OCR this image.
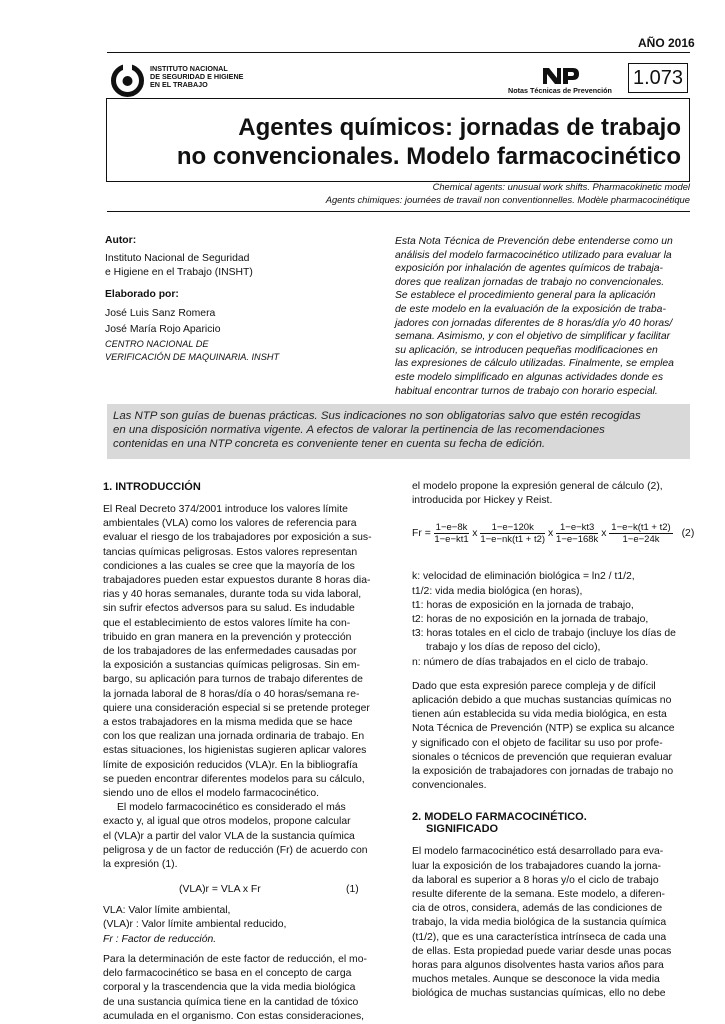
AÑO 2016
INSTITUTO NACIONAL
DE SEGURIDAD E HIGIENE
EN EL TRABAJO
Notas Técnicas de Prevención
1.073
Agentes químicos: jornadas de trabajo
no convencionales. Modelo farmacocinético
Chemical agents: unusual work shifts. Pharmacokinetic model
Agents chimiques: journées de travail non conventionnelles. Modèle pharmacocinétique
Autor:
Instituto Nacional de Seguridad
e Higiene en el Trabajo (INSHT)
Elaborado por:
José Luis Sanz Romera
José María Rojo Aparicio
CENTRO NACIONAL DE
VERIFICACIÓN DE MAQUINARIA. INSHT
Esta Nota Técnica de Prevención debe entenderse como un
análisis del modelo farmacocinético utilizado para evaluar la
exposición por inhalación de agentes químicos de trabaja-
dores que realizan jornadas de trabajo no convencionales.
Se establece el procedimiento general para la aplicación
de este modelo en la evaluación de la exposición de traba-
jadores con jornadas diferentes de 8 horas/día y/o 40 horas/
semana. Asimismo, y con el objetivo de simplificar y facilitar
su aplicación, se introducen pequeñas modificaciones en
las expresiones de cálculo utilizadas. Finalmente, se emplea
este modelo simplificado en algunas actividades donde es
habitual encontrar turnos de trabajo con horario especial.
Las NTP son guías de buenas prácticas. Sus indicaciones no son obligatorias salvo que estén recogidas
en una disposición normativa vigente. A efectos de valorar la pertinencia de las recomendaciones
contenidas en una NTP concreta es conveniente tener en cuenta su fecha de edición.
1. INTRODUCCIÓN
El Real Decreto 374/2001 introduce los valores límite
ambientales (VLA) como los valores de referencia para
evaluar el riesgo de los trabajadores por exposición a sus-
tancias químicas peligrosas. Estos valores representan
condiciones a las cuales se cree que la mayoría de los
trabajadores pueden estar expuestos durante 8 horas dia-
rias y 40 horas semanales, durante toda su vida laboral,
sin sufrir efectos adversos para su salud. Es indudable
que el establecimiento de estos valores límite ha con-
tribuido en gran manera en la prevención y protección
de los trabajadores de las enfermedades causadas por
la exposición a sustancias químicas peligrosas. Sin em-
bargo, su aplicación para turnos de trabajo diferentes de
la jornada laboral de 8 horas/día o 40 horas/semana re-
quiere una consideración especial si se pretende proteger
a estos trabajadores en la misma medida que se hace
con los que realizan una jornada ordinaria de trabajo. En
estas situaciones, los higienistas sugieren aplicar valores
límite de exposición reducidos (VLA)r. En la bibliografía
se pueden encontrar diferentes modelos para su cálculo,
siendo uno de ellos el modelo farmacocinético.
El modelo farmacocinético es considerado el más
exacto y, al igual que otros modelos, propone calcular
el (VLA)r a partir del valor VLA de la sustancia química
peligrosa y de un factor de reducción (Fr) de acuerdo con
la expresión (1).
(VLA)r = VLA x Fr	(1)
VLA: Valor límite ambiental,
(VLA)r : Valor límite ambiental reducido,
Fr : Factor de reducción.
Para la determinación de este factor de reducción, el mo-
delo farmacocinético se basa en el concepto de carga
corporal y la trascendencia que la vida media biológica
de una sustancia química tiene en la cantidad de tóxico
acumulada en el organismo. Con estas consideraciones,
el modelo propone la expresión general de cálculo (2),
introducida por Hickey y Reist.
$Fr = \frac{1-e-8k}{1-e-kt1}$ x $\frac{1-e-120k}{1-e-nk(t1 + t2)}$ x $\frac{1-e-kt3}{1-e-168k}$ x $\frac{1-e-k(t1 + t2)}{1-e-24k} (2)$
k: velocidad de eliminación biológica = ln2 / t1/2,
t1/2: vida media biológica (en horas),
t1: horas de exposición en la jornada de trabajo,
t2: horas de no exposición en la jornada de trabajo,
t3: horas totales en el ciclo de trabajo (incluye los días de
trabajo y los días de reposo del ciclo),
n: número de días trabajados en el ciclo de trabajo.
Dado que esta expresión parece compleja y de difícil
aplicación debido a que muchas sustancias químicas no
tienen aún establecida su vida media biológica, en esta
Nota Técnica de Prevención (NTP) se explica su alcance
y significado con el objeto de facilitar su uso por profe-
sionales o técnicos de prevención que requieran evaluar
la exposición de trabajadores con jornadas de trabajo no
convencionales.
2. MODELO FARMACOCINÉTICO.
SIGNIFICADO
El modelo farmacocinético está desarrollado para eva-
luar la exposición de los trabajadores cuando la jorna-
da laboral es superior a 8 horas y/o el ciclo de trabajo
resulte diferente de la semana. Este modelo, a diferen-
cia de otros, considera, además de las condiciones de
trabajo, la vida media biológica de la sustancia química
(t1/2), que es una característica intrínseca de cada una
de ellas. Esta propiedad puede variar desde unas pocas
horas para algunos disolventes hasta varios años para
muchos metales. Aunque se desconoce la vida media
biológica de muchas sustancias químicas, ello no debe
